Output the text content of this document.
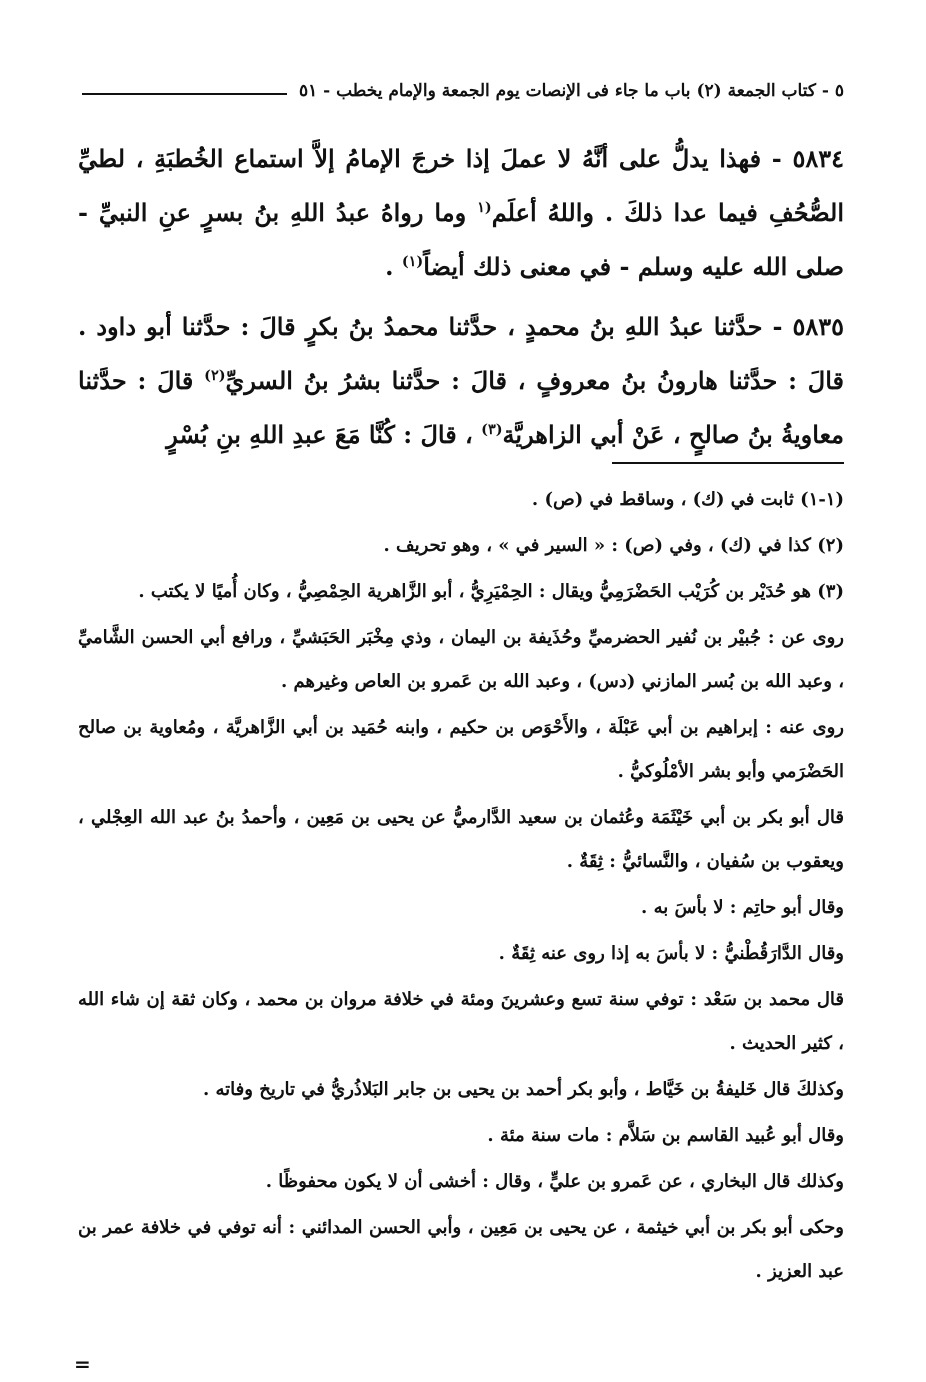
٥ - كتاب الجمعة (٢) باب ما جاء فى الإنصات يوم الجمعة والإمام يخطب - ٥١

٥٨٣٤ - فهذا يدلُّ على أنَّهُ لا عملَ إذا خرجَ الإمامُ إلاَّ استماع الخُطبَةِ ، لطيِّ الصُّحُفِ فيما عدا ذلكَ . واللهُ أعلَم$^{(١}$ وما رواهُ عبدُ اللهِ بنُ بسرٍ عنِ النبيِّ - صلى الله عليه وسلم - في معنى ذلك أيضاً$^{(١)}$ .

٥٨٣٥ - حدَّثنا عبدُ اللهِ بنُ محمدٍ ، حدَّثنا محمدُ بنُ بكرٍ قالَ : حدَّثنا أبو داود . قالَ : حدَّثنا هارونُ بنُ معروفٍ ، قالَ : حدَّثنا بشرُ بنُ السريِّ$^{(٢)}$ قالَ : حدَّثنا معاويةُ بنُ صالحٍ ، عَنْ أبي الزاهريَّة$^{(٣)}$ ، قالَ : كُنَّا مَعَ عبدِ اللهِ بنِ بُسْرٍ

(١-١) ثابت في (ك) ، وساقط في (ص) .

(٢) كذا في (ك) ، وفي (ص) : « السير في » ، وهو تحريف .

(٣) هو حُدَيْر بن كُرَيْب الحَضْرَمِيُّ ويقال : الحِمْيَرِيُّ ، أبو الزَّاهرية الحِمْصِيُّ ، وكان أُميًا لا يكتب .

روى عن : جُبيْر بن نُفير الحضرميِّ وحُذَيفة بن اليمان ، وذي مِخْبَر الحَبَشيِّ ، ورافع أبي الحسن الشَّاميِّ ، وعبد الله بن بُسر المازني (دس) ، وعبد الله بن عَمرو بن العاص وغيرهم .

روى عنه : إبراهيم بن أبي عَبْلَة ، والأَحْوَص بن حكيم ، وابنه حُمَيد بن أبي الزَّاهريَّة ، ومُعاوية بن صالح الحَضْرَمي وأبو بشر الأمْلُوكيُّ .

قال أبو بكر بن أبي خَيْثَمَة وعُثمان بن سعيد الدَّارميُّ عن يحيى بن مَعِين ، وأحمدُ بنُ عبد الله العِجْلي ، ويعقوب بن سُفيان ، والنَّسائيُّ : ثِقَةٌ .

وقال أبو حاتِم : لا بأسَ به .

وقال الدَّارَقُطْنيُّ : لا بأسَ به إذا روى عنه ثِقَةٌ .

قال محمد بن سَعْد : توفي سنة تسع وعشرينَ ومئة في خلافة مروان بن محمد ، وكان ثقة إن شاء الله ، كثير الحديث .

وكذلكَ قال خَليفةُ بن خَيَّاط ، وأبو بكر أحمد بن يحيى بن جابر البَلاذُريُّ في تاريخ وفاته .

وقال أبو عُبيد القاسم بن سَلاَّم : مات سنة مئة .

وكذلك قال البخاري ، عن عَمرو بن عليٍّ ، وقال : أخشى أن لا يكون محفوظًا .

وحكى أبو بكر بن أبي خيثمة ، عن يحيى بن مَعِين ، وأبي الحسن المدائني : أنه توفي في خلافة عمر بن عبد العزيز .

=
